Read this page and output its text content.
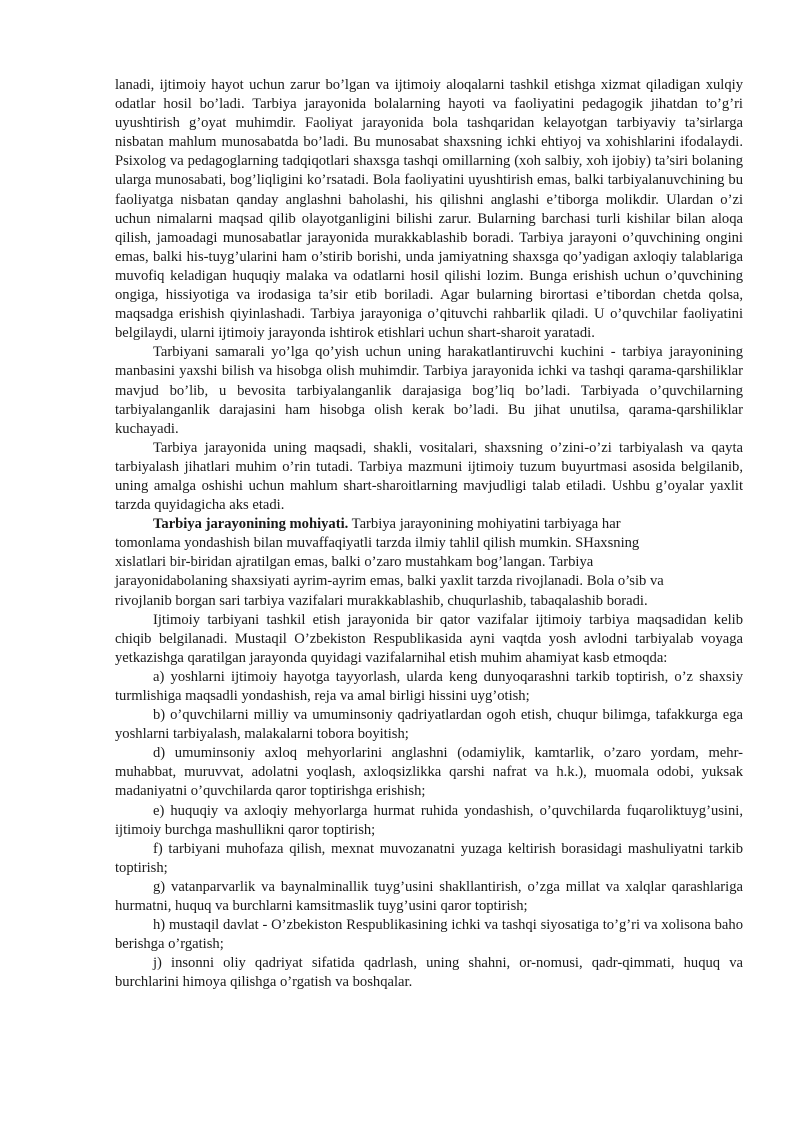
lanadi, ijtimoiy hayot uchun zarur bo’lgan va ijtimoiy aloqalarni tashkil etishga xizmat qiladigan xulqiy odatlar hosil bo’ladi. Tarbiya jarayonida bolalarning hayoti va faoliyatini pedagogik jihatdan to’g’ri uyushtirish g’oyat muhimdir. Faoliyat jarayonida bola tashqaridan kelayotgan tarbiyaviy ta’sirlarga nisbatan mahlum munosabatda bo’ladi. Bu munosabat shaxsning ichki ehtiyoj va xohishlarini ifodalaydi. Psixolog va pedagoglarning tadqiqotlari shaxsga tashqi omillarning (xoh salbiy, xoh ijobiy) ta’siri bolaning ularga munosabati, bog’liqligini ko’rsatadi. Bola faoliyatini uyushtirish emas, balki tarbiyalanuvchining bu faoliyatga nisbatan qanday anglashni baholashi, his qilishni anglashi e’tiborga molikdir. Ulardan o’zi uchun nimalarni maqsad qilib olayotganligini bilishi zarur. Bularning barchasi turli kishilar bilan aloqa qilish, jamoadagi munosabatlar jarayonida murakkablashib boradi. Tarbiya jarayoni o’quvchining ongini emas, balki his-tuyg’ularini ham o’stirib borishi, unda jamiyatning shaxsga qo’yadigan axloqiy talablariga muvofiq keladigan huquqiy malaka va odatlarni hosil qilishi lozim. Bunga erishish uchun o’quvchining ongiga, hissiyotiga va irodasiga ta’sir etib boriladi. Agar bularning birortasi e’tibordan chetda qolsa, maqsadga erishish qiyinlashadi. Tarbiya jarayoniga o’qituvchi rahbarlik qiladi. U o’quvchilar faoliyatini belgilaydi, ularni ijtimoiy jarayonda ishtirok etishlari uchun shart-sharoit yaratadi.

Tarbiyani samarali yo’lga qo’yish uchun uning harakatlantiruvchi kuchini - tarbiya jarayonining manbasini yaxshi bilish va hisobga olish muhimdir. Tarbiya jarayonida ichki va tashqi qarama-qarshiliklar mavjud bo’lib, u bevosita tarbiyalanganlik darajasiga bog’liq bo’ladi. Tarbiyada o’quvchilarning tarbiyalanganlik darajasini ham hisobga olish kerak bo’ladi. Bu jihat unutilsa, qarama-qarshiliklar kuchayadi.

Tarbiya jarayonida uning maqsadi, shakli, vositalari, shaxsning o’zini-o’zi tarbiyalash va qayta tarbiyalash jihatlari muhim o’rin tutadi. Tarbiya mazmuni ijtimoiy tuzum buyurtmasi asosida belgilanib, uning amalga oshishi uchun mahlum shart-sharoitlarning mavjudligi talab etiladi. Ushbu g’oyalar yaxlit tarzda quyidagicha aks etadi.

Tarbiya jarayonining mohiyati. Tarbiya jarayonining mohiyatini tarbiyaga har tomonlama yondashish bilan muvaffaqiyatli tarzda ilmiy tahlil qilish mumkin. SHaxsning xislatlari bir-biridan ajratilgan emas, balki o’zaro mustahkam bog’langan. Tarbiya jarayonidabolaning shaxsiyati ayrim-ayrim emas, balki yaxlit tarzda rivojlanadi. Bola o’sib va rivojlanib borgan sari tarbiya vazifalari murakkablashib, chuqurlashib, tabaqalashib boradi.

Ijtimoiy tarbiyani tashkil etish jarayonida bir qator vazifalar ijtimoiy tarbiya maqsadidan kelib chiqib belgilanadi. Mustaqil O’zbekiston Respublikasida ayni vaqtda yosh avlodni tarbiyalab voyaga yetkazishga qaratilgan jarayonda quyidagi vazifalarnihal etish muhim ahamiyat kasb etmoqda:

a) yoshlarni ijtimoiy hayotga tayyorlash, ularda keng dunyoqarashni tarkib toptirish, o’z shaxsiy turmlishiga maqsadli yondashish, reja va amal birligi hissini uyg’otish;

b) o’quvchilarni milliy va umuminsoniy qadriyatlardan ogoh etish, chuqur bilimga, tafakkurga ega yoshlarni tarbiyalash, malakalarni tobora boyitish;

d) umuminsoniy axloq mehyorlarini anglashni (odamiylik, kamtarlik, o’zaro yordam, mehr-muhabbat, muruvvat, adolatni yoqlash, axloqsizlikka qarshi nafrat va h.k.), muomala odobi, yuksak madaniyatni o’quvchilarda qaror toptirishga erishish;

e) huquqiy va axloqiy mehyorlarga hurmat ruhida yondashish, o’quvchilarda fuqaroliktuyg’usini, ijtimoiy burchga mashullikni qaror toptirish;

f) tarbiyani muhofaza qilish, mexnat muvozanatni yuzaga keltirish borasidagi mashuliyatni tarkib toptirish;

g) vatanparvarlik va baynalminallik tuyg’usini shakllantirish, o’zga millat va xalqlar qarashlariga hurmatni, huquq va burchlarni kamsitmaslik tuyg’usini qaror toptirish;

h) mustaqil davlat - O’zbekiston Respublikasining ichki va tashqi siyosatiga to’g’ri va xolisona baho berishga o’rgatish;

j) insonni oliy qadriyat sifatida qadrlash, uning shahni, or-nomusi, qadr-qimmati, huquq va burchlarini himoya qilishga o’rgatish va boshqalar.
